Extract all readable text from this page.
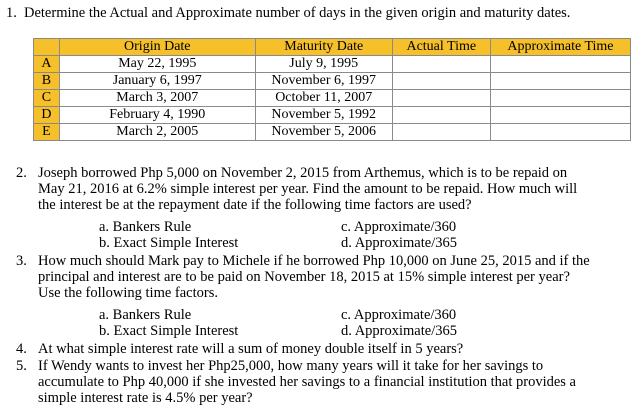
1. Determine the Actual and Approximate number of days in the given origin and maturity dates.
	Origin Date	Maturity Date	Actual Time	Approximate Time
A	May 22, 1995	July 9, 1995		
B	January 6, 1997	November 6, 1997		
C	March 3, 2007	October 11, 2007		
D	February 4, 1990	November 5, 1992		
E	March 2, 2005	November 5, 2006		
2. Joseph borrowed Php 5,000 on November 2, 2015 from Arthemus, which is to be repaid on
May 21, 2016 at 6.2% simple interest per year. Find the amount to be repaid. How much will
the interest be at the repayment date if the following time factors are used?
a. Bankers Rule
b. Exact Simple Interest
c. Approximate/360
d. Approximate/365
3. How much should Mark pay to Michele if he borrowed Php 10,000 on June 25, 2015 and if the
principal and interest are to be paid on November 18, 2015 at 15% simple interest per year?
Use the following time factors.
a. Bankers Rule
b. Exact Simple Interest
c. Approximate/360
d. Approximate/365
4. At what simple interest rate will a sum of money double itself in 5 years?
5. If Wendy wants to invest her Php25,000, how many years will it take for her savings to
accumulate to Php 40,000 if she invested her savings to a financial institution that provides a
simple interest rate is 4.5% per year?
